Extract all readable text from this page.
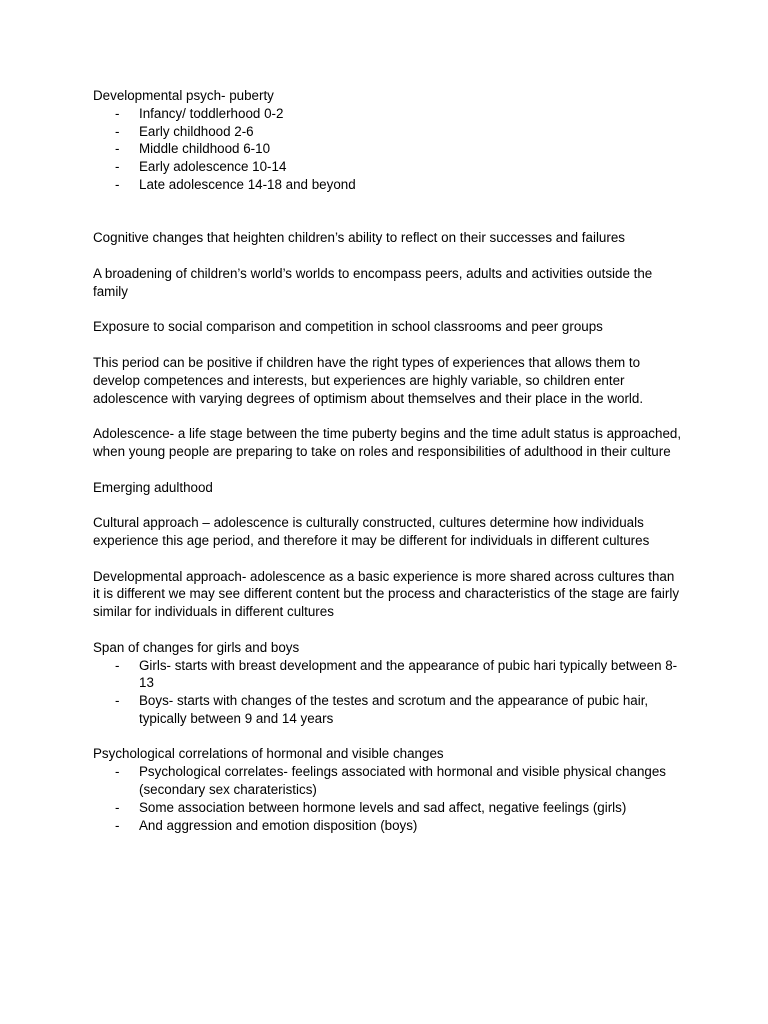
Developmental psych- puberty

-	Infancy/ toddlerhood 0-2
-	Early childhood 2-6
-	Middle childhood 6-10
-	Early adolescence 10-14
-	Late adolescence 14-18 and beyond

Cognitive changes that heighten children’s ability to reflect on their successes and failures

A broadening of children’s world’s worlds to encompass peers, adults and activities outside the family

Exposure to social comparison and competition in school classrooms and peer groups

This period can be positive if children have the right types of experiences that allows them to develop competences and interests, but experiences are highly variable, so children enter adolescence with varying degrees of optimism about themselves and their place in the world.

Adolescence- a life stage between the time puberty begins and the time adult status is approached, when young people are preparing to take on roles and responsibilities of adulthood in their culture

Emerging adulthood

Cultural approach – adolescence is culturally constructed, cultures determine how individuals experience this age period, and therefore it may be different for individuals in different cultures

Developmental approach- adolescence as a basic experience is more shared across cultures than it is different we may see different content but the process and characteristics of the stage are fairly similar for individuals in different cultures

Span of changes for girls and boys

-	Girls- starts with breast development and the appearance of pubic hari typically between 8-13
-	Boys- starts with changes of the testes and scrotum and the appearance of pubic hair, typically between 9 and 14 years

Psychological correlations of hormonal and visible changes

-	Psychological correlates- feelings associated with hormonal and visible physical changes (secondary sex charateristics)
-	Some association between hormone levels and sad affect, negative feelings (girls)
-	And aggression and emotion disposition (boys)
